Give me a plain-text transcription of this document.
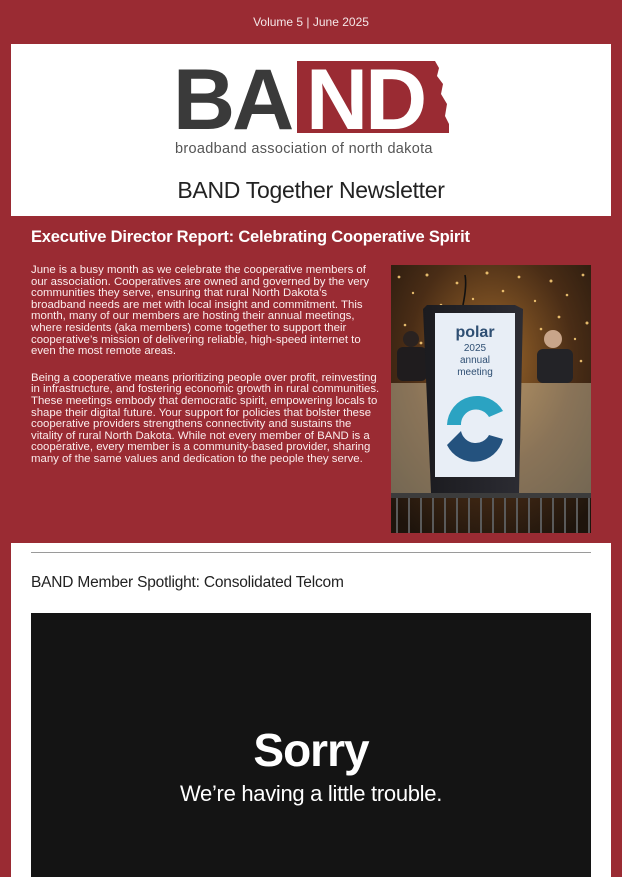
Volume 5 | June 2025
BA ND
broadband association of north dakota
BAND Together Newsletter
Executive Director Report: Celebrating Cooperative Spirit

June is a busy month as we celebrate the cooperative members of our association. Cooperatives are owned and governed by the very communities they serve, ensuring that rural North Dakota’s broadband needs are met with local insight and commitment. This month, many of our members are hosting their annual meetings, where residents (aka members) come together to support their cooperative’s mission of delivering reliable, high-speed internet to even the most remote areas.

Being a cooperative means prioritizing people over profit, reinvesting in infrastructure, and fostering economic growth in rural communities. These meetings embody that democratic spirit, empowering locals to shape their digital future. Your support for policies that bolster these cooperative providers strengthens connectivity and sustains the vitality of rural North Dakota. While not every member of BAND is a cooperative, every member is a community-based provider, sharing many of the same values and dedication to the people they serve.

polar
2025
annual
meeting
BAND Member Spotlight: Consolidated Telcom
Sorry
We’re having a little trouble.
